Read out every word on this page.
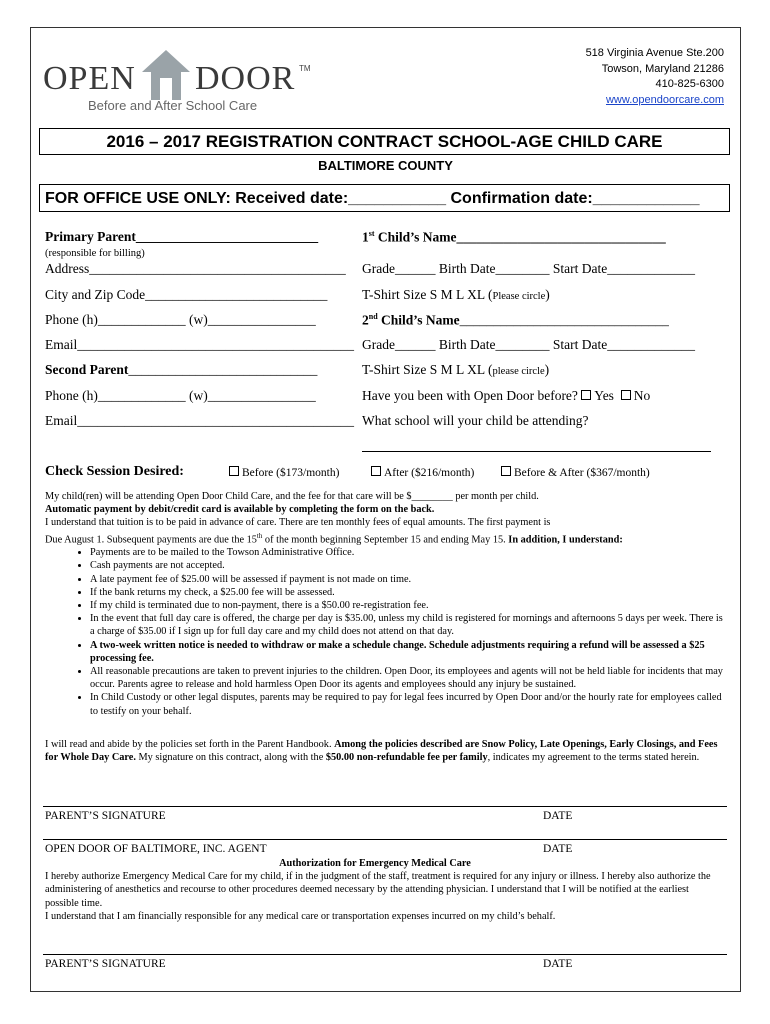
OPEN DOOR TM
Before and After School Care
518 Virginia Avenue Ste.200
Towson, Maryland 21286
410-825-6300
www.opendoorcare.com
2016 – 2017 REGISTRATION CONTRACT SCHOOL-AGE CHILD CARE
BALTIMORE COUNTY
FOR OFFICE USE ONLY: Received date:___________ Confirmation date:____________
Primary Parent___________________________
(responsible for billing)
Address______________________________________
City and Zip Code___________________________
Phone (h)_____________ (w)________________
Email_________________________________________
Second Parent____________________________
Phone (h)_____________ (w)________________
Email_________________________________________
1st Child’s Name_______________________________
Grade______ Birth Date________ Start Date_____________
T-Shirt Size S M L XL (Please circle)
2nd Child’s Name_______________________________
Grade______ Birth Date________ Start Date_____________
T-Shirt Size S M L XL (please circle)
Have you been with Open Door before? Yes No
What school will your child be attending?
Check Session Desired:	Before ($173/month)	After ($216/month)	Before & After ($367/month)
My child(ren) will be attending Open Door Child Care, and the fee for that care will be $________ per month per child.
Automatic payment by debit/credit card is available by completing the form on the back.
I understand that tuition is to be paid in advance of care. There are ten monthly fees of equal amounts. The first payment is
Due August 1. Subsequent payments are due the 15th of the month beginning September 15 and ending May 15. In addition, I understand:
• Payments are to be mailed to the Towson Administrative Office.
• Cash payments are not accepted.
• A late payment fee of $25.00 will be assessed if payment is not made on time.
• If the bank returns my check, a $25.00 fee will be assessed.
• If my child is terminated due to non-payment, there is a $50.00 re-registration fee.
• In the event that full day care is offered, the charge per day is $35.00, unless my child is registered for mornings and afternoons 5 days per week. There is a charge of $35.00 if I sign up for full day care and my child does not attend on that day.
• A two-week written notice is needed to withdraw or make a schedule change. Schedule adjustments requiring a refund will be assessed a $25 processing fee.
• All reasonable precautions are taken to prevent injuries to the children. Open Door, its employees and agents will not be held liable for incidents that may occur. Parents agree to release and hold harmless Open Door its agents and employees should any injury be sustained.
• In Child Custody or other legal disputes, parents may be required to pay for legal fees incurred by Open Door and/or the hourly rate for employees called to testify on your behalf.
I will read and abide by the policies set forth in the Parent Handbook. Among the policies described are Snow Policy, Late Openings, Early Closings, and Fees for Whole Day Care. My signature on this contract, along with the $50.00 non-refundable fee per family, indicates my agreement to the terms stated herein.
PARENT’S SIGNATURE	DATE
OPEN DOOR OF BALTIMORE, INC. AGENT	DATE
Authorization for Emergency Medical Care
I hereby authorize Emergency Medical Care for my child, if in the judgment of the staff, treatment is required for any injury or illness. I hereby also authorize the administering of anesthetics and recourse to other procedures deemed necessary by the attending physician. I understand that I will be notified at the earliest possible time.
I understand that I am financially responsible for any medical care or transportation expenses incurred on my child’s behalf.
PARENT’S SIGNATURE	DATE
